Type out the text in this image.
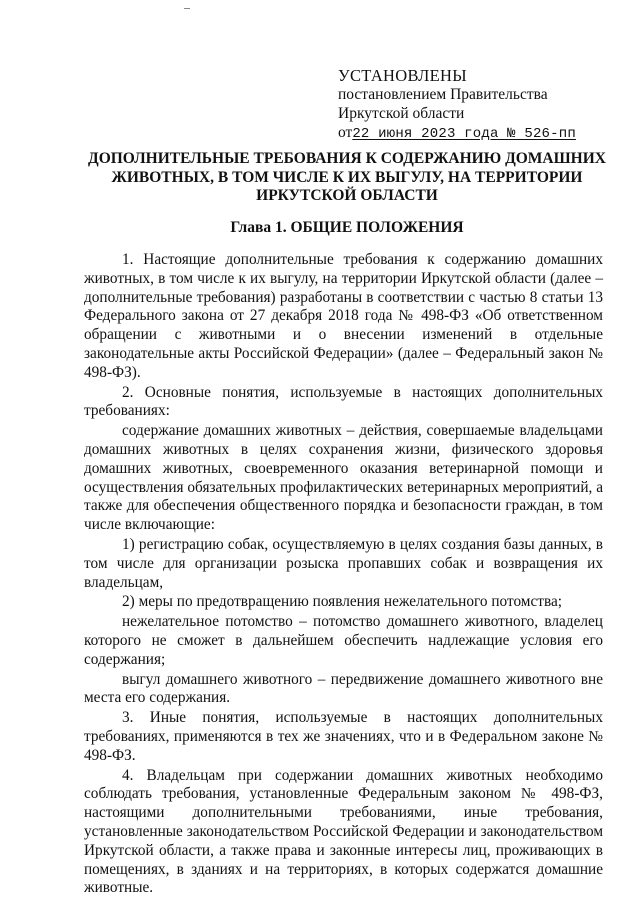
УСТАНОВЛЕНЫ
постановлением Правительства
Иркутской области
от22 июня 2023 года № 526-пп
ДОПОЛНИТЕЛЬНЫЕ ТРЕБОВАНИЯ К СОДЕРЖАНИЮ ДОМАШНИХ ЖИВОТНЫХ, В ТОМ ЧИСЛЕ К ИХ ВЫГУЛУ, НА ТЕРРИТОРИИ ИРКУТСКОЙ ОБЛАСТИ
Глава 1. ОБЩИЕ ПОЛОЖЕНИЯ

1. Настоящие дополнительные требования к содержанию домашних животных, в том числе к их выгулу, на территории Иркутской области (далее – дополнительные требования) разработаны в соответствии с частью 8 статьи 13 Федерального закона от 27 декабря 2018 года № 498-ФЗ «Об ответственном обращении с животными и о внесении изменений в отдельные законодательные акты Российской Федерации» (далее – Федеральный закон № 498-ФЗ).

2. Основные понятия, используемые в настоящих дополнительных требованиях:

содержание домашних животных – действия, совершаемые владельцами домашних животных в целях сохранения жизни, физического здоровья домашних животных, своевременного оказания ветеринарной помощи и осуществления обязательных профилактических ветеринарных мероприятий, а также для обеспечения общественного порядка и безопасности граждан, в том числе включающие:

1) регистрацию собак, осуществляемую в целях создания базы данных, в том числе для организации розыска пропавших собак и возвращения их владельцам,

2) меры по предотвращению появления нежелательного потомства;

нежелательное потомство – потомство домашнего животного, владелец которого не сможет в дальнейшем обеспечить надлежащие условия его содержания;

выгул домашнего животного – передвижение домашнего животного вне места его содержания.

3. Иные понятия, используемые в настоящих дополнительных требованиях, применяются в тех же значениях, что и в Федеральном законе № 498-ФЗ.

4. Владельцам при содержании домашних животных необходимо соблюдать требования, установленные Федеральным законом № 498-ФЗ, настоящими дополнительными требованиями, иные требования, установленные законодательством Российской Федерации и законодательством Иркутской области, а также права и законные интересы лиц, проживающих в помещениях, в зданиях и на территориях, в которых содержатся домашние животные.
